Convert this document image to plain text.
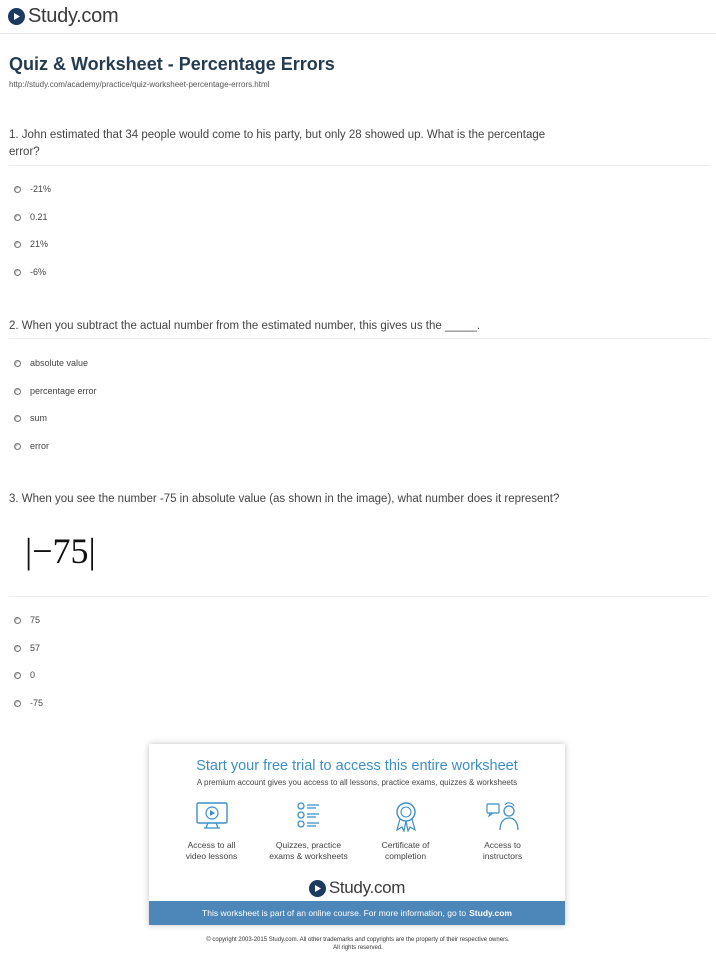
Study.com
Quiz & Worksheet - Percentage Errors
http://study.com/academy/practice/quiz-worksheet-percentage-errors.html
1. John estimated that 34 people would come to his party, but only 28 showed up. What is the percentage error?
-21%
0.21
21%
-6%
2. When you subtract the actual number from the estimated number, this gives us the _____.
absolute value
percentage error
sum
error
3. When you see the number -75 in absolute value (as shown in the image), what number does it represent?
|−75|
75
57
0
-75
Start your free trial to access this entire worksheet
A premium account gives you access to all lessons, practice exams, quizzes & worksheets
Access to all
video lessons
Quizzes, practice
exams & worksheets
Certificate of
completion
Access to
instructors
Study.com
This worksheet is part of an online course. For more information, go to Study.com
© copyright 2003-2015 Study.com. All other trademarks and copyrights are the property of their respective owners.
All rights reserved.
